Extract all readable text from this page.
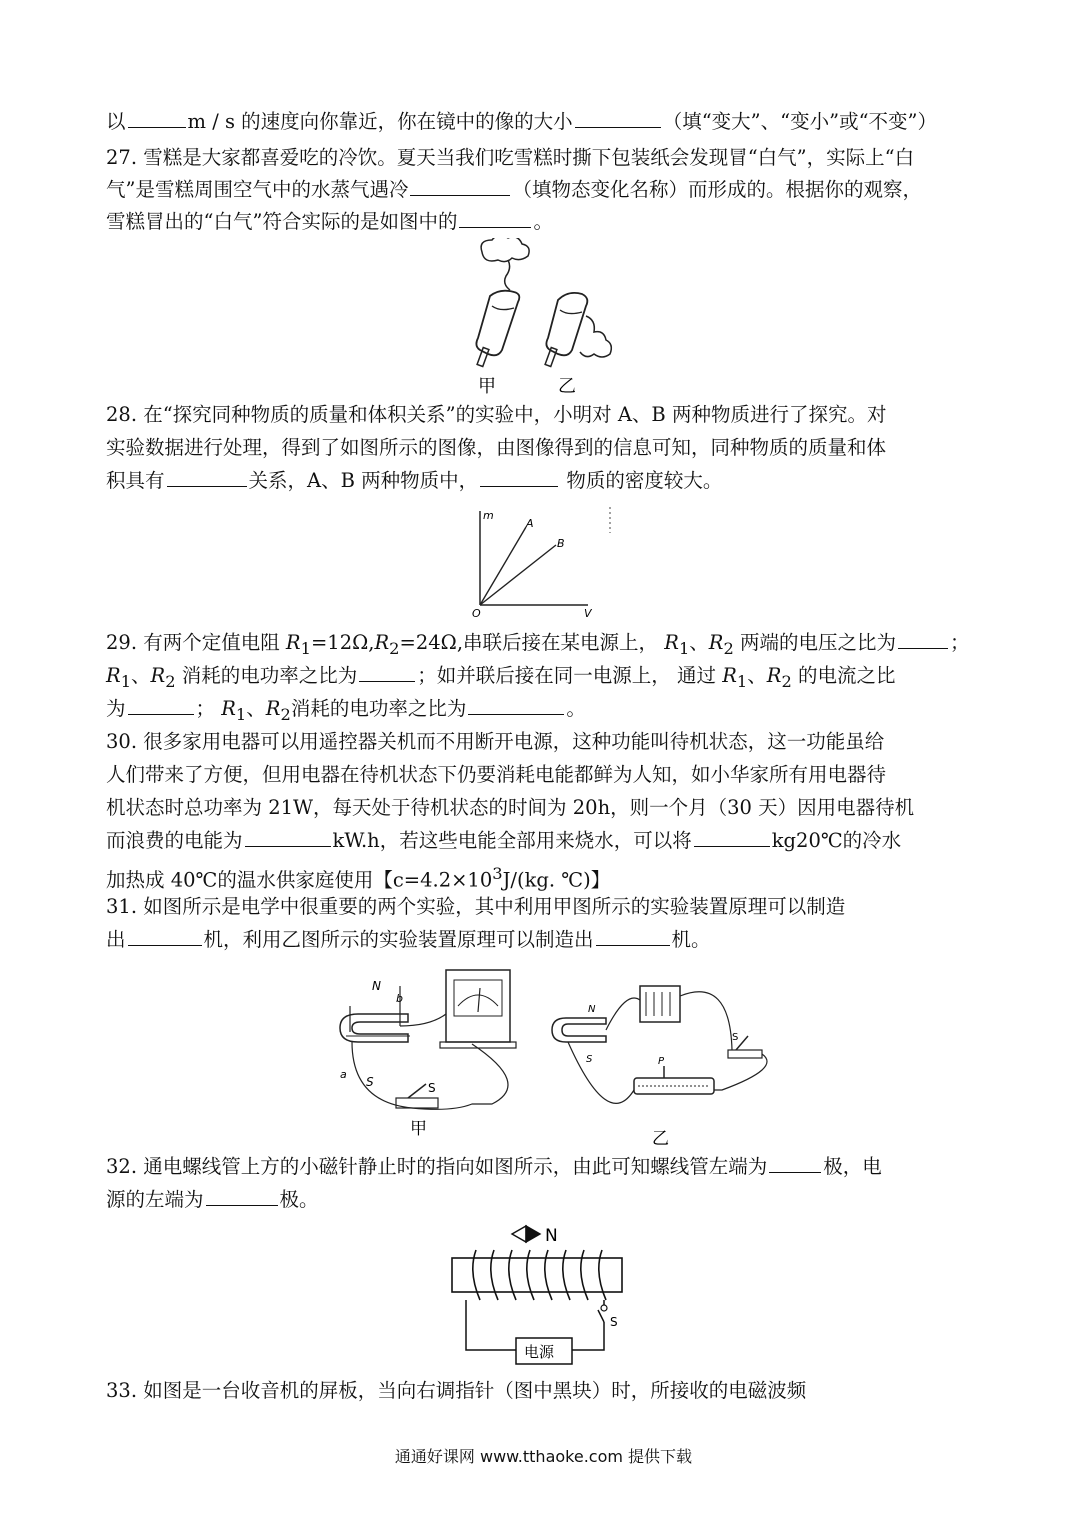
以	m / s 的速度向你靠近，你在镜中的像的大小	（填“变大”、“变小”或“不变”）
27. 雪糕是大家都喜爱吃的冷饮。夏天当我们吃雪糕时撕下包装纸会发现冒“白气”，实际上“白
气”是雪糕周围空气中的水蒸气遇冷	（填物态变化名称）而形成的。根据你的观察，
雪糕冒出的“白气”符合实际的是如图中的	。
甲	乙
28. 在“探究同种物质的质量和体积关系”的实验中，小明对 A、B 两种物质进行了探究。对
实验数据进行处理，得到了如图所示的图像，由图像得到的信息可知，同种物质的质量和体
积具有	关系，A、B 两种物质中，	物质的密度较大。
m
V
O
A
B
29. 有两个定值电阻 $R_1=12\Omega,R_2=24\Omega$,串联后接在某电源上， $R_1$、$R_2$ 两端的电压之比为	；
$R_1$、$R_2$ 消耗的电功率之比为	；如并联后接在同一电源上， 通过 $R_1$、$R_2$ 的电流之比
为	； $R_1$、$R_2$消耗的电功率之比为	。
30. 很多家用电器可以用遥控器关机而不用断开电源，这种功能叫待机状态，这一功能虽给
人们带来了方便，但用电器在待机状态下仍要消耗电能都鲜为人知，如小华家所有用电器待
机状态时总功率为 21W，每天处于待机状态的时间为 20h，则一个月（30 天）因用电器待机
而浪费的电能为	kW.h，若这些电能全部用来烧水，可以将	kg20℃的冷水
加热成 40℃的温水供家庭使用【$c=4.2\times 10^3J/(kg$. ℃)】
31. 如图所示是电学中很重要的两个实验，其中利用甲图所示的实验装置原理可以制造
出	机，利用乙图所示的实验装置原理可以制造出	机。
N
b
a
S	S
甲
N
S	P
S
乙
32. 通电螺线管上方的小磁针静止时的指向如图所示，由此可知螺线管左端为	极，电
源的左端为	极。
N
S
电源
33. 如图是一台收音机的屏板，当向右调指针（图中黑块）时，所接收的电磁波频
通通好课网 www.tthaoke.com 提供下载
